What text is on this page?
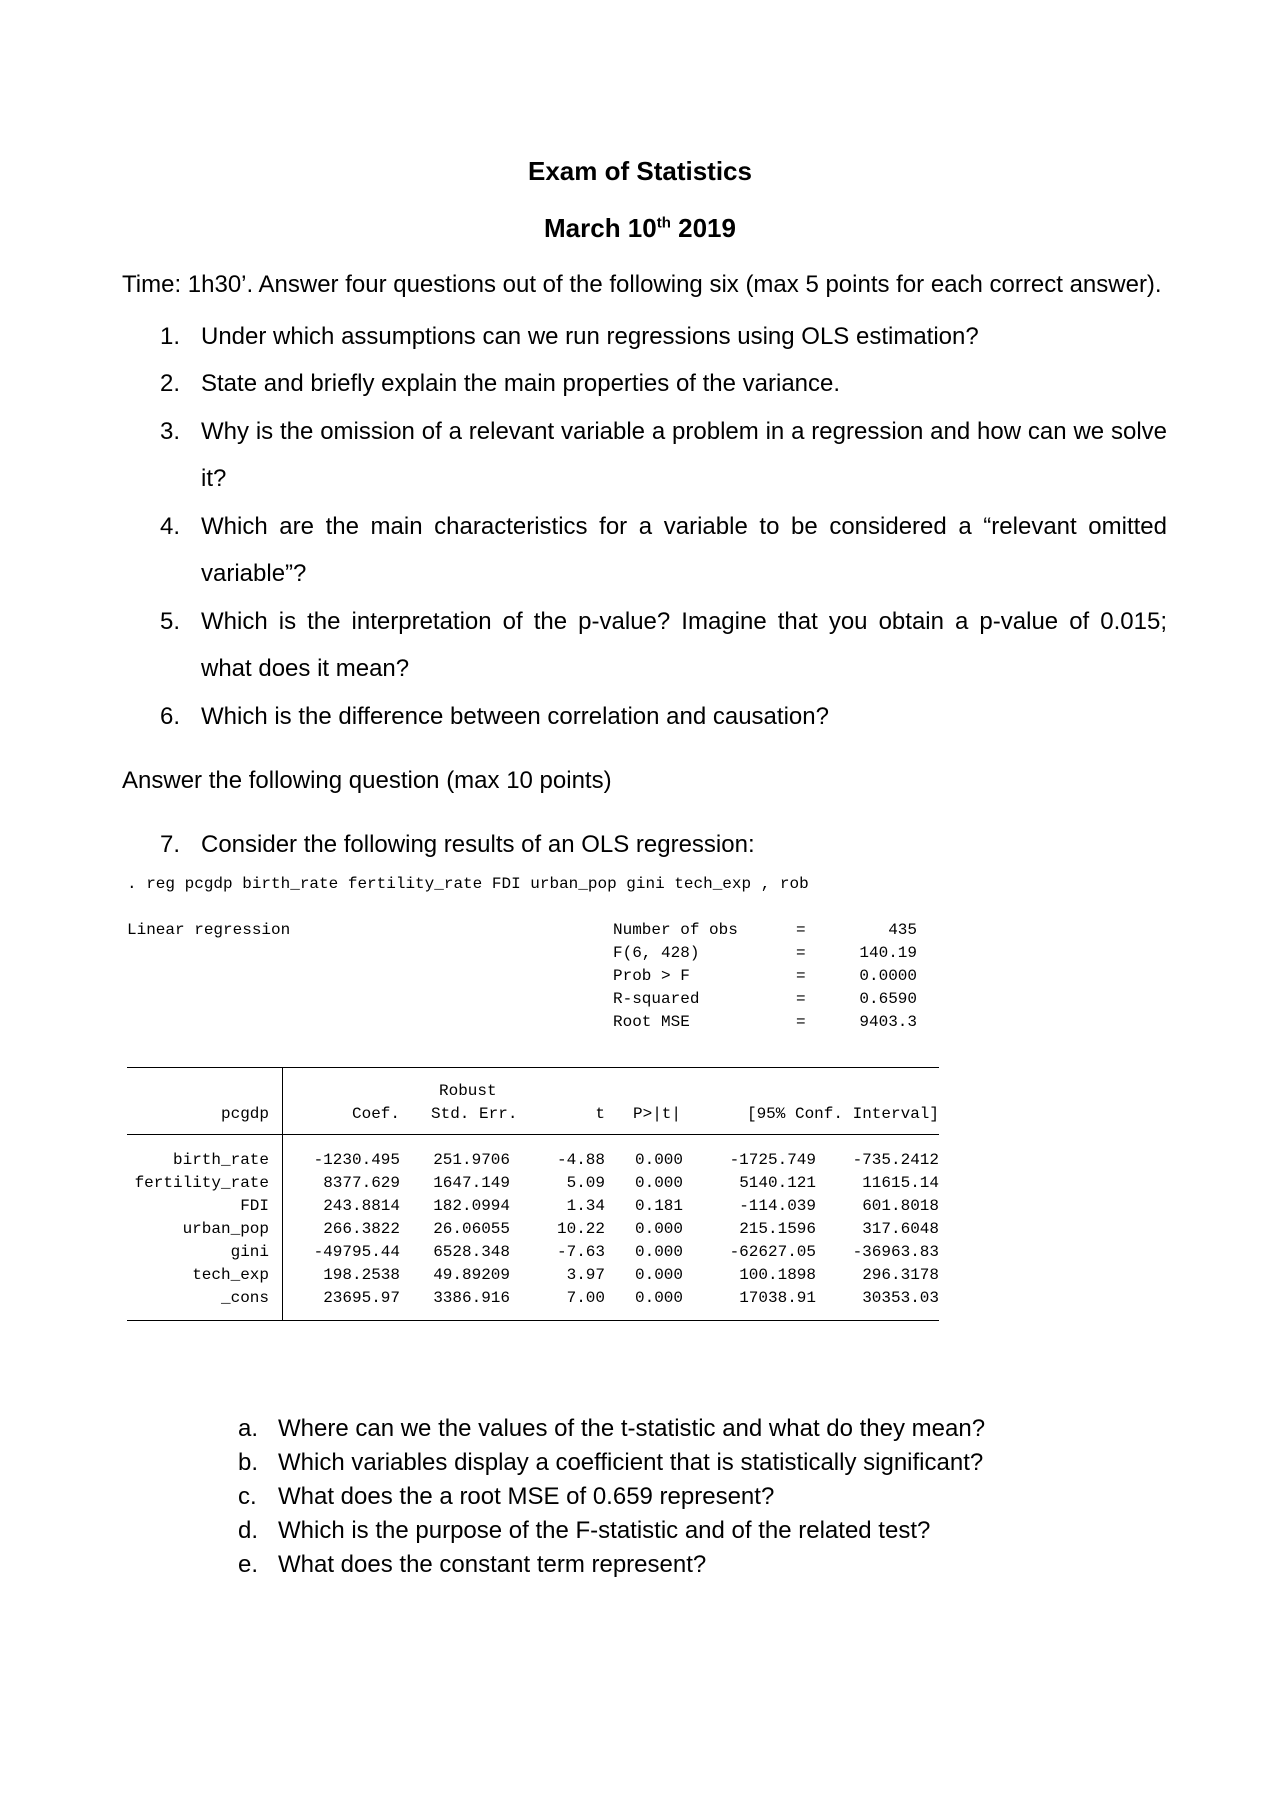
Exam of Statistics
March 10th 2019
Time: 1h30’. Answer four questions out of the following six (max 5 points for each correct answer).
1. Under which assumptions can we run regressions using OLS estimation?
2. State and briefly explain the main properties of the variance.
3. Why is the omission of a relevant variable a problem in a regression and how can we solve
it?
4. Which are the main characteristics for a variable to be considered a “relevant omitted
variable”?
5. Which is the interpretation of the p-value? Imagine that you obtain a p-value of 0.015;
what does it mean?
6. Which is the difference between correlation and causation?
Answer the following question (max 10 points)
7. Consider the following results of an OLS regression:
. reg pcgdp birth_rate fertility_rate FDI urban_pop gini tech_exp , rob
Linear regression	Number of obs	=	435
F(6, 428)	=	140.19
Prob > F	=	0.0000
R-squared	=	0.6590
Root MSE	=	9403.3
Robust
pcgdp	Coef. Std. Err.	t P>|t|	[95% Conf. Interval]
birth_rate	-1230.495	251.9706	-4.88	0.000	-1725.749	-735.2412
fertility_rate	8377.629	1647.149	5.09	0.000	5140.121	11615.14
FDI	243.8814	182.0994	1.34	0.181	-114.039	601.8018
urban_pop	266.3822	26.06055	10.22	0.000	215.1596	317.6048
gini	-49795.44	6528.348	-7.63	0.000	-62627.05	-36963.83
tech_exp	198.2538	49.89209	3.97	0.000	100.1898	296.3178
_cons	23695.97	3386.916	7.00	0.000	17038.91	30353.03
a. Where can we the values of the t-statistic and what do they mean?
b. Which variables display a coefficient that is statistically significant?
c. What does the a root MSE of 0.659 represent?
d. Which is the purpose of the F-statistic and of the related test?
e. What does the constant term represent?
